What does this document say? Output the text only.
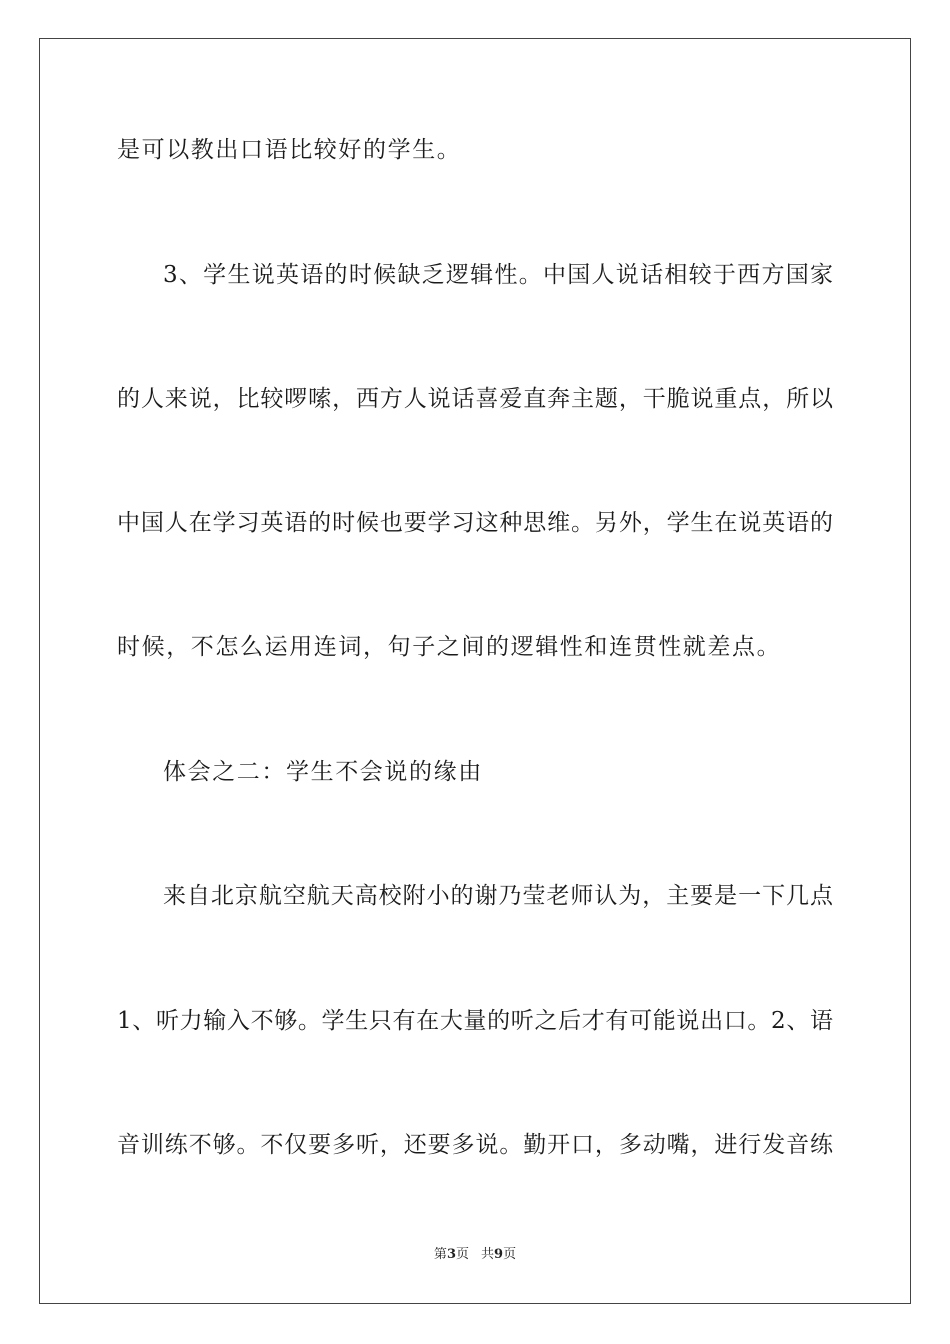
是可以教出口语比较好的学生。
3、学生说英语的时候缺乏逻辑性。中国人说话相较于西方国家
的人来说，比较啰嗦，西方人说话喜爱直奔主题，干脆说重点，所以
中国人在学习英语的时候也要学习这种思维。另外，学生在说英语的
时候，不怎么运用连词，句子之间的逻辑性和连贯性就差点。
体会之二：学生不会说的缘由
来自北京航空航天高校附小的谢乃莹老师认为，主要是一下几点
1、听力输入不够。学生只有在大量的听之后才有可能说出口。2、语
音训练不够。不仅要多听，还要多说。勤开口，多动嘴，进行发音练
第3页 共9页
